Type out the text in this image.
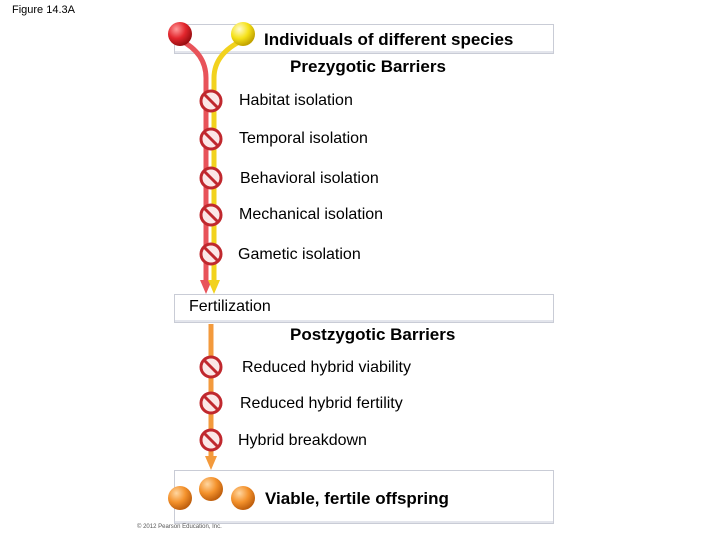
Figure 14.3A
Individuals of different species
Prezygotic Barriers
Habitat isolation
Temporal isolation
Behavioral isolation
Mechanical isolation
Gametic isolation
Fertilization
Postzygotic Barriers
Reduced hybrid viability
Reduced hybrid fertility
Hybrid breakdown
Viable, fertile offspring
© 2012 Pearson Education, Inc.
